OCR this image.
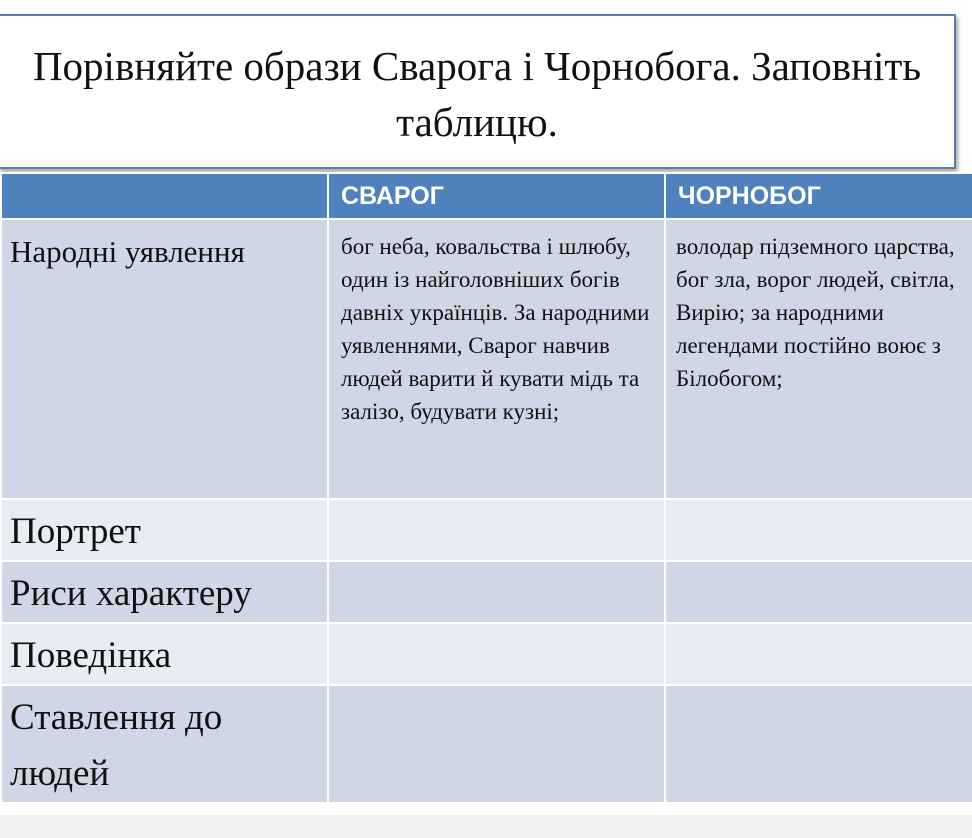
Порівняйте образи Сварога і Чорнобога. Заповніть таблицю.
	СВАРОГ	ЧОРНОБОГ
Народні уявлення	бог неба, ковальства і шлюбу, один із найголовніших богів давніх українців. За народними уявленнями, Сварог навчив людей варити й кувати мідь та залізо, будувати кузні;	володар підземного царства, бог зла, ворог людей, світла, Вирію; за народними легендами постійно воює з Білобогом;
Портрет		
Риси характеру		
Поведінка		
Ставлення до людей		
